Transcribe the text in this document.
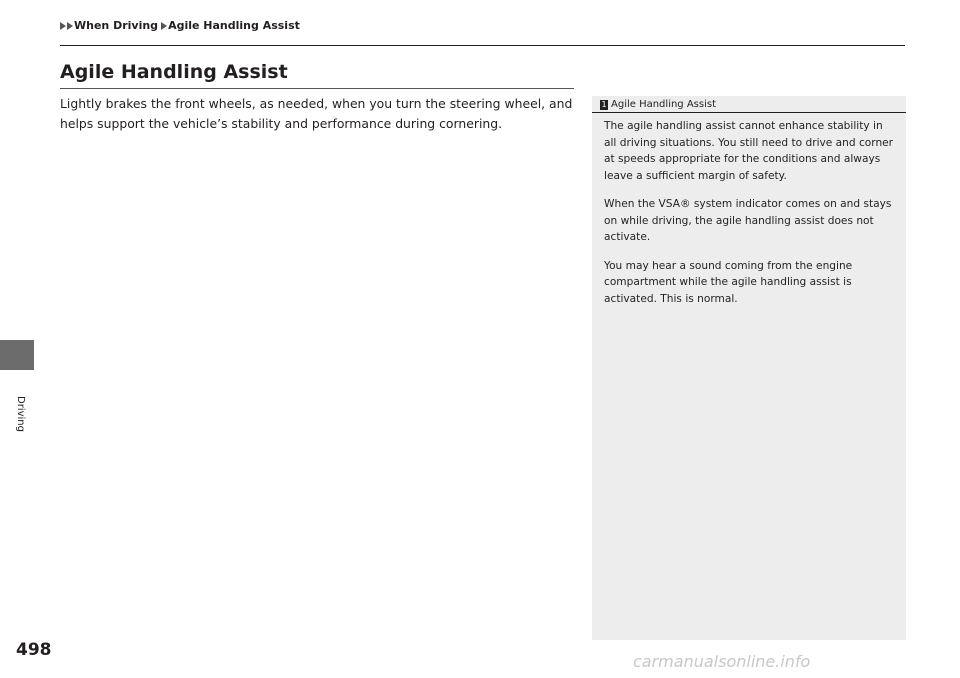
When Driving Agile Handling Assist
Agile Handling Assist

Lightly brakes the front wheels, as needed, when you turn the steering wheel, and helps support the vehicle’s stability and performance during cornering.

1 Agile Handling Assist

The agile handling assist cannot enhance stability in all driving situations. You still need to drive and corner at speeds appropriate for the conditions and always leave a sufficient margin of safety.

When the VSA® system indicator comes on and stays on while driving, the agile handling assist does not activate.

You may hear a sound coming from the engine compartment while the agile handling assist is activated. This is normal.

Driving
498
carmanualsonline.info
